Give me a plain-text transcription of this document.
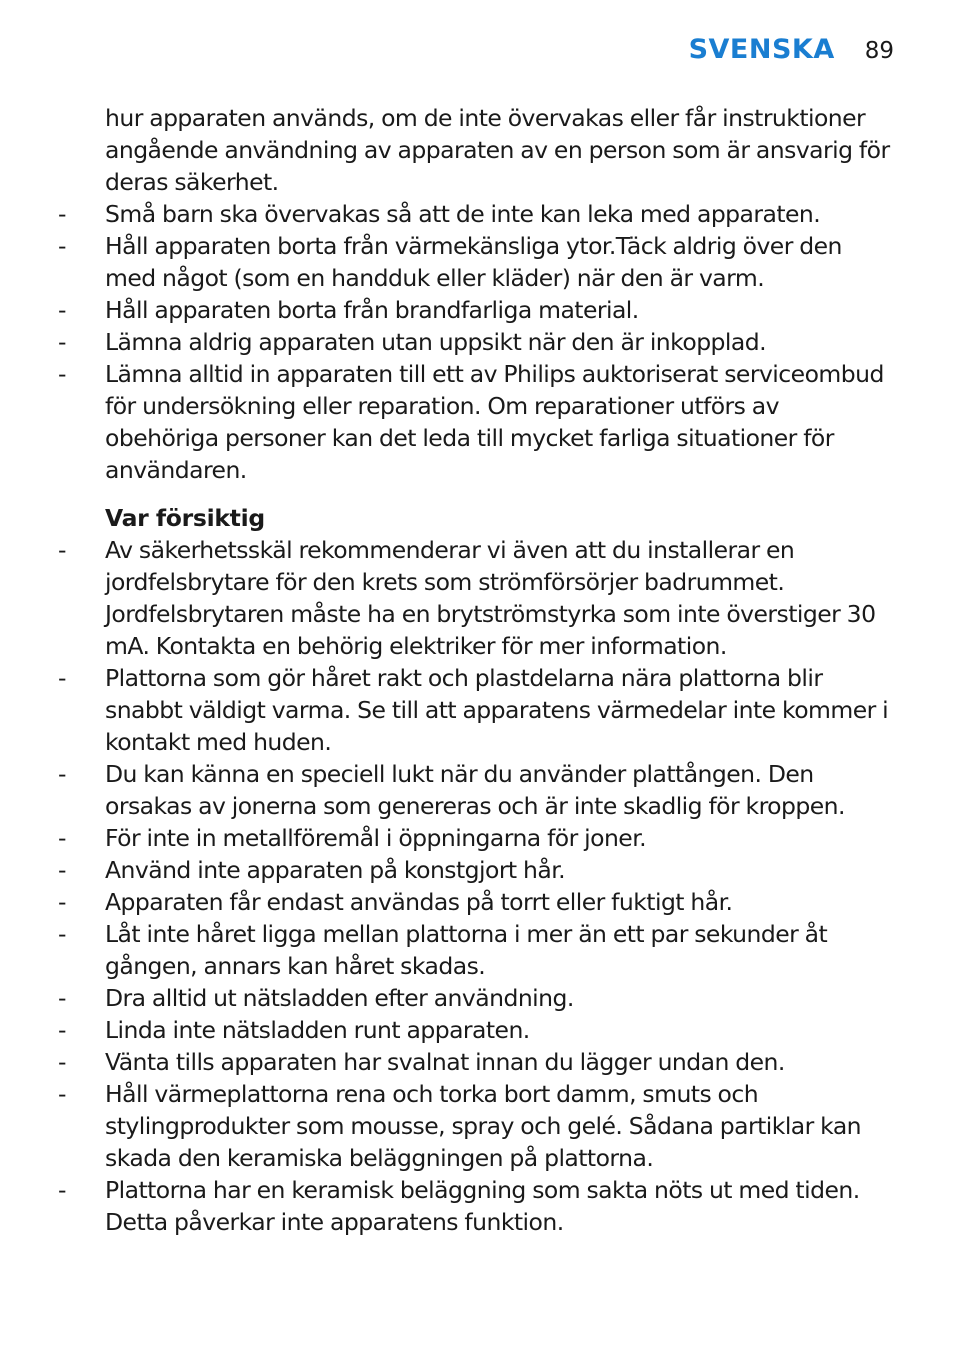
SVENSKA 89

hur apparaten används, om de inte övervakas eller får instruktioner angående användning av apparaten av en person som är ansvarig för deras säkerhet.

- Små barn ska övervakas så att de inte kan leka med apparaten.

- Håll apparaten borta från värmekänsliga ytor.Täck aldrig över den med något (som en handduk eller kläder) när den är varm.

- Håll apparaten borta från brandfarliga material.

- Lämna aldrig apparaten utan uppsikt när den är inkopplad.

- Lämna alltid in apparaten till ett av Philips auktoriserat serviceombud för undersökning eller reparation. Om reparationer utförs av obehöriga personer kan det leda till mycket farliga situationer för användaren.

Var försiktig

- Av säkerhetsskäl rekommenderar vi även att du installerar en jordfelsbrytare för den krets som strömförsörjer badrummet. Jordfelsbrytaren måste ha en brytströmstyrka som inte överstiger 30 mA. Kontakta en behörig elektriker för mer information.

- Plattorna som gör håret rakt och plastdelarna nära plattorna blir snabbt väldigt varma. Se till att apparatens värmedelar inte kommer i kontakt med huden.

- Du kan känna en speciell lukt när du använder plattången. Den orsakas av jonerna som genereras och är inte skadlig för kroppen.

- För inte in metallföremål i öppningarna för joner.

- Använd inte apparaten på konstgjort hår.

- Apparaten får endast användas på torrt eller fuktigt hår.

- Låt inte håret ligga mellan plattorna i mer än ett par sekunder åt gången, annars kan håret skadas.

- Dra alltid ut nätsladden efter användning.

- Linda inte nätsladden runt apparaten.

- Vänta tills apparaten har svalnat innan du lägger undan den.

- Håll värmeplattorna rena och torka bort damm, smuts och stylingprodukter som mousse, spray och gelé. Sådana partiklar kan skada den keramiska beläggningen på plattorna.

- Plattorna har en keramisk beläggning som sakta nöts ut med tiden. Detta påverkar inte apparatens funktion.
